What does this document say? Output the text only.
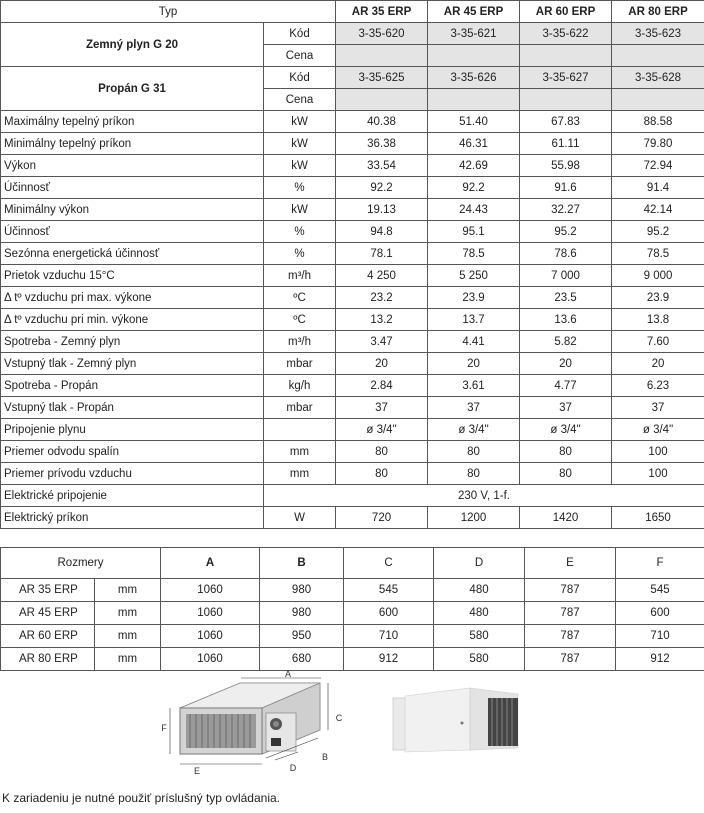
Typ		AR 35 ERP	AR 45 ERP	AR 60 ERP	AR 80 ERP
Zemný plyn G 20	Kód	3-35-620	3-35-621	3-35-622	3-35-623
	Cena				
Propán G 31	Kód	3-35-625	3-35-626	3-35-627	3-35-628
	Cena				
Maximálny tepelný príkon	kW	40.38	51.40	67.83	88.58
Minimálny tepelný príkon	kW	36.38	46.31	61.11	79.80
Výkon	kW	33.54	42.69	55.98	72.94
Účinnosť	%	92.2	92.2	91.6	91.4
Minimálny výkon	kW	19.13	24.43	32.27	42.14
Účinnosť	%	94.8	95.1	95.2	95.2
Sezónna energetická účinnosť	%	78.1	78.5	78.6	78.5
Prietok vzduchu 15°C	m³/h	4 250	5 250	7 000	9 000
Δ tº vzduchu pri max. výkone	ºC	23.2	23.9	23.5	23.9
Δ tº vzduchu pri min. výkone	ºC	13.2	13.7	13.6	13.8
Spotreba - Zemný plyn	m³/h	3.47	4.41	5.82	7.60
Vstupný tlak - Zemný plyn	mbar	20	20	20	20
Spotreba - Propán	kg/h	2.84	3.61	4.77	6.23
Vstupný tlak - Propán	mbar	37	37	37	37
Pripojenie plynu		ø 3/4"	ø 3/4"	ø 3/4"	ø 3/4"
Priemer odvodu spalín	mm	80	80	80	100
Priemer prívodu vzduchu	mm	80	80	80	100
Elektrické pripojenie	230 V, 1-f.				
Elektrický príkon	W	720	1200	1420	1650
Rozmery		A	B	C	D	E	F
AR 35 ERP	mm	1060	980	545	480	787	545
AR 45 ERP	mm	1060	980	600	480	787	600
AR 60 ERP	mm	1060	950	710	580	787	710
AR 80 ERP	mm	1060	680	912	580	787	912
A
C
F
E
B
D
K zariadeniu je nutné použiť príslušný typ ovládania.
